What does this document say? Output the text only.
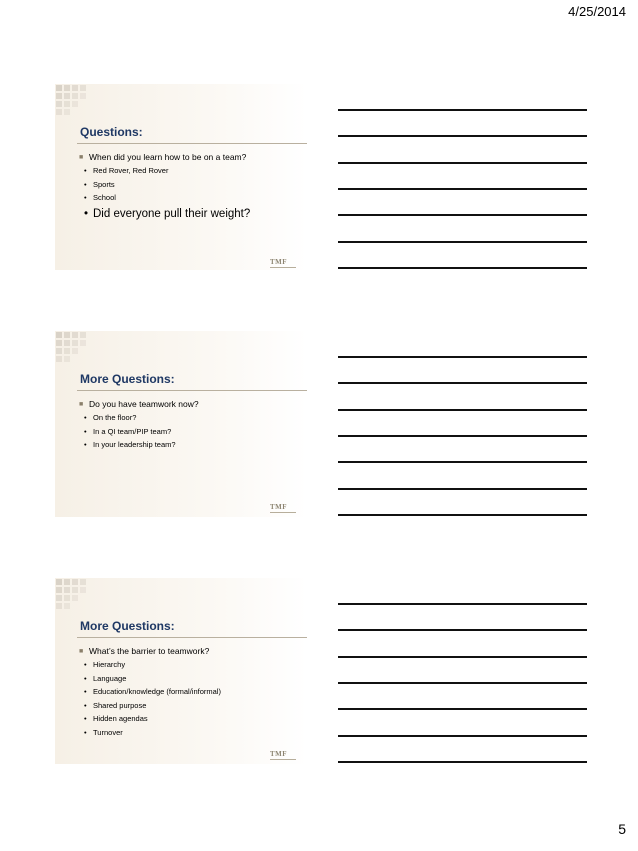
4/25/2014
Questions:
■ When did you learn how to be on a team?
• Red Rover, Red Rover
• Sports
• School
• Did everyone pull their weight?
TMF
More Questions:
■ Do you have teamwork now?
• On the floor?
• In a QI team/PIP team?
• In your leadership team?
TMF
More Questions:
■ What’s the barrier to teamwork?
• Hierarchy
• Language
• Education/knowledge (formal/informal)
• Shared purpose
• Hidden agendas
• Turnover
TMF
5
